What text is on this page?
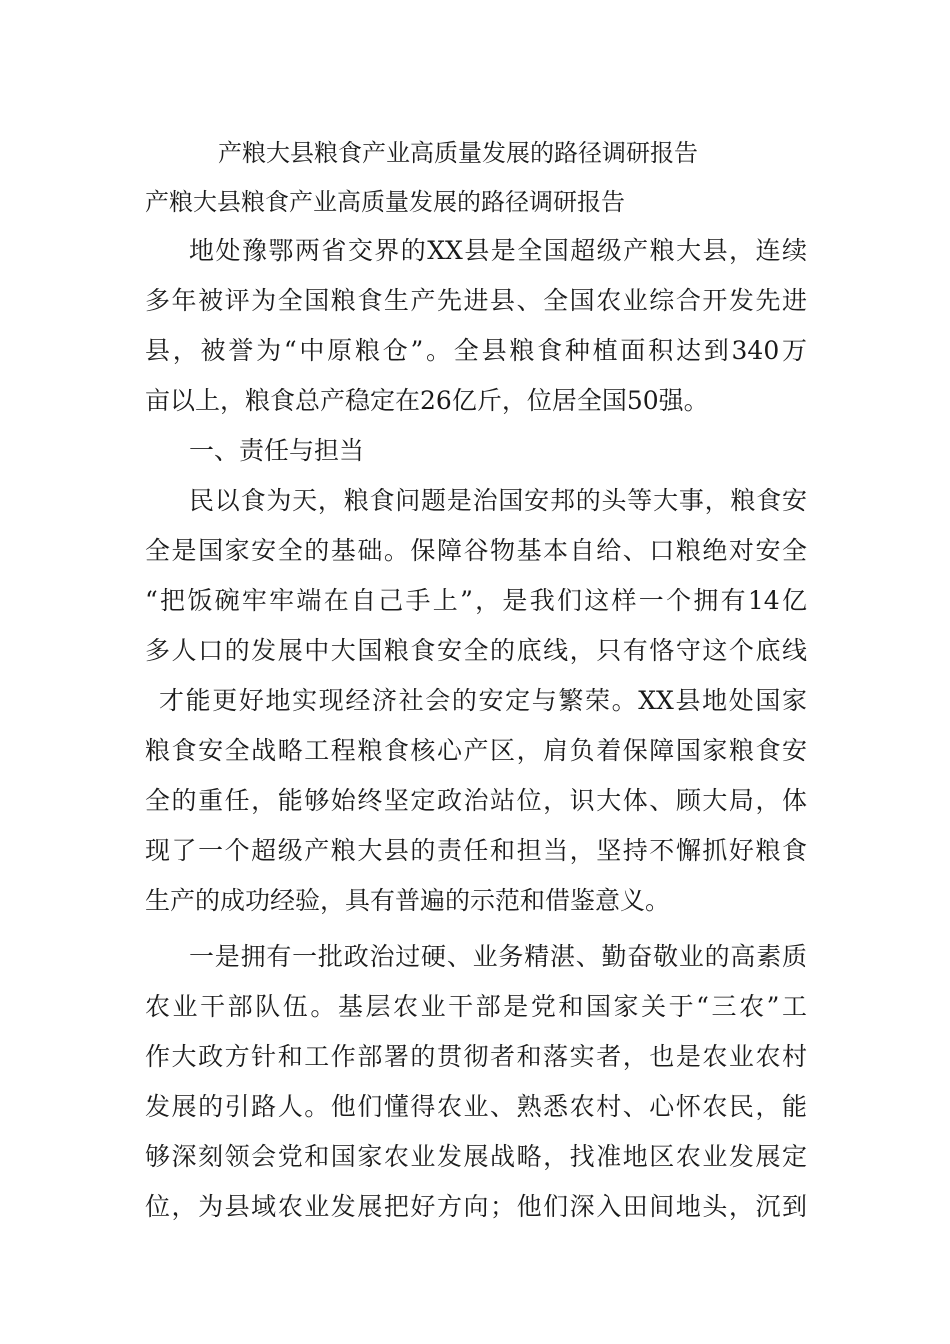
产粮大县粮食产业高质量发展的路径调研报告
产粮大县粮食产业高质量发展的路径调研报告
地处豫鄂两省交界的XX县是全国超级产粮大县，连续
多年被评为全国粮食生产先进县、全国农业综合开发先进
县，被誉为“中原粮仓”。全县粮食种植面积达到340万
亩以上，粮食总产稳定在26亿斤，位居全国50强。
一、责任与担当
民以食为天，粮食问题是治国安邦的头等大事，粮食安
全是国家安全的基础。保障谷物基本自给、口粮绝对安全
“把饭碗牢牢端在自己手上”，是我们这样一个拥有14亿
多人口的发展中大国粮食安全的底线，只有恪守这个底线
才能更好地实现经济社会的安定与繁荣。XX县地处国家
粮食安全战略工程粮食核心产区，肩负着保障国家粮食安
全的重任，能够始终坚定政治站位，识大体、顾大局，体
现了一个超级产粮大县的责任和担当，坚持不懈抓好粮食
生产的成功经验，具有普遍的示范和借鉴意义。
一是拥有一批政治过硬、业务精湛、勤奋敬业的高素质
农业干部队伍。基层农业干部是党和国家关于“三农”工
作大政方针和工作部署的贯彻者和落实者，也是农业农村
发展的引路人。他们懂得农业、熟悉农村、心怀农民，能
够深刻领会党和国家农业发展战略，找准地区农业发展定
位，为县域农业发展把好方向；他们深入田间地头，沉到
